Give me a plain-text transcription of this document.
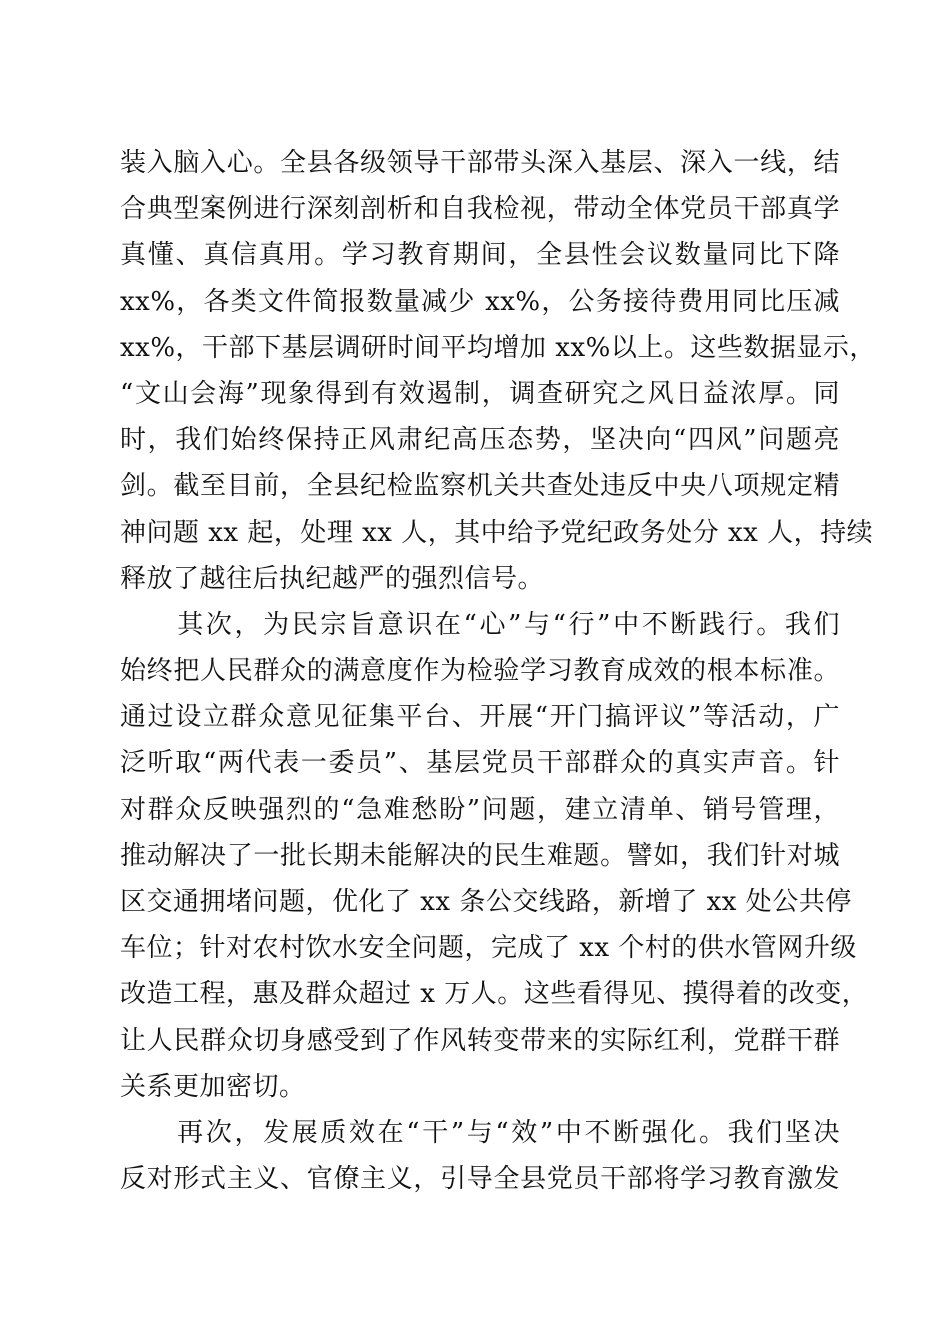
装入脑入心。全县各级领导干部带头深入基层、深入一线，结
合典型案例进行深刻剖析和自我检视，带动全体党员干部真学
真懂、真信真用。学习教育期间，全县性会议数量同比下降
xx%，各类文件简报数量减少 xx%，公务接待费用同比压减
xx%，干部下基层调研时间平均增加 xx%以上。这些数据显示，
“文山会海”现象得到有效遏制，调查研究之风日益浓厚。同
时，我们始终保持正风肃纪高压态势，坚决向“四风”问题亮
剑。截至目前，全县纪检监察机关共查处违反中央八项规定精
神问题 xx 起，处理 xx 人，其中给予党纪政务处分 xx 人，持续
释放了越往后执纪越严的强烈信号。
　　其次，为民宗旨意识在“心”与“行”中不断践行。我们
始终把人民群众的满意度作为检验学习教育成效的根本标准。
通过设立群众意见征集平台、开展“开门搞评议”等活动，广
泛听取“两代表一委员”、基层党员干部群众的真实声音。针
对群众反映强烈的“急难愁盼”问题，建立清单、销号管理，
推动解决了一批长期未能解决的民生难题。譬如，我们针对城
区交通拥堵问题，优化了 xx 条公交线路，新增了 xx 处公共停
车位；针对农村饮水安全问题，完成了 xx 个村的供水管网升级
改造工程，惠及群众超过 x 万人。这些看得见、摸得着的改变，
让人民群众切身感受到了作风转变带来的实际红利，党群干群
关系更加密切。
　　再次，发展质效在“干”与“效”中不断强化。我们坚决
反对形式主义、官僚主义，引导全县党员干部将学习教育激发
